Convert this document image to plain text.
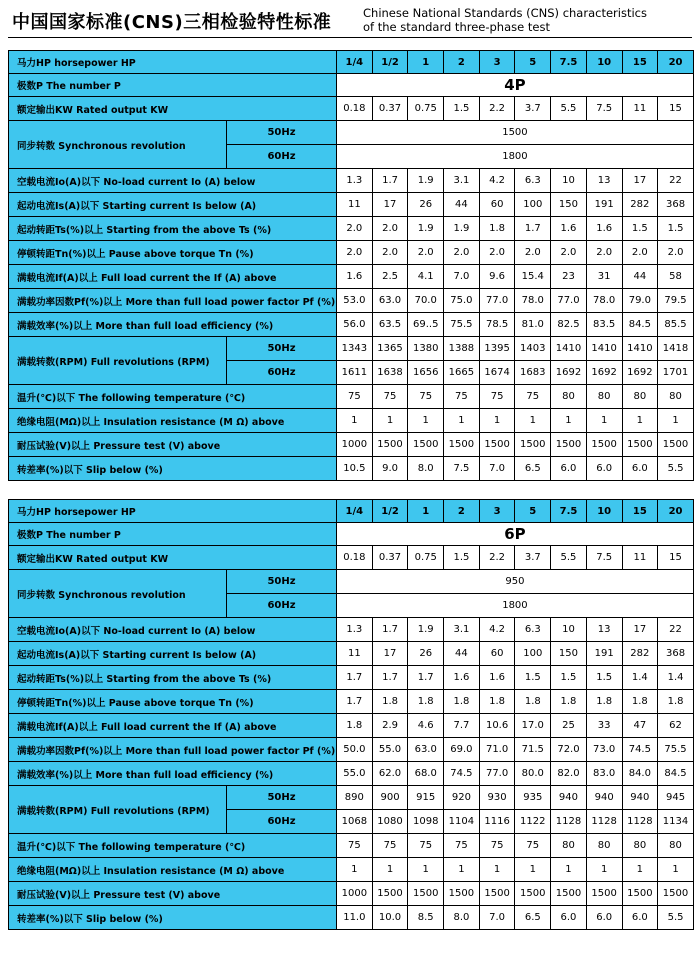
中国国家标准(CNS)三相检验特性标准	Chinese National Standards (CNS) characteristics
of the standard three-phase test
马力HP horsepower HP		1/4	1/2	1	2	3	5	7.5	10	15	20
极数P The number P		4P									
额定输出KW Rated output KW		0.18	0.37	0.75	1.5	2.2	3.7	5.5	7.5	11	15
同步转数 Synchronous revolution	50Hz	1500									
	60Hz	1800									
空载电流Io(A)以下 No-load current Io (A) below		1.3	1.7	1.9	3.1	4.2	6.3	10	13	17	22
起动电流Is(A)以下 Starting current Is below (A)		11	17	26	44	60	100	150	191	282	368
起动转距Ts(%)以上 Starting from the above Ts (%)		2.0	2.0	1.9	1.9	1.8	1.7	1.6	1.6	1.5	1.5
停顿转距Tn(%)以上 Pause above torque Tn (%)		2.0	2.0	2.0	2.0	2.0	2.0	2.0	2.0	2.0	2.0
满载电流If(A)以上 Full load current the If (A) above		1.6	2.5	4.1	7.0	9.6	15.4	23	31	44	58
满载功率因数Pf(%)以上 More than full load power factor Pf (%)		53.0	63.0	70.0	75.0	77.0	78.0	77.0	78.0	79.0	79.5
满载效率(%)以上 More than full load efficiency (%)		56.0	63.5	69..5	75.5	78.5	81.0	82.5	83.5	84.5	85.5
满载转数(RPM) Full revolutions (RPM)	50Hz	1343	1365	1380	1388	1395	1403	1410	1410	1410	1418
	60Hz	1611	1638	1656	1665	1674	1683	1692	1692	1692	1701
温升(℃)以下 The following temperature (℃)		75	75	75	75	75	75	80	80	80	80
绝缘电阻(MΩ)以上 Insulation resistance (M Ω) above		1	1	1	1	1	1	1	1	1	1
耐压试验(V)以上 Pressure test (V) above		1000	1500	1500	1500	1500	1500	1500	1500	1500	1500
转差率(%)以下 Slip below (%)		10.5	9.0	8.0	7.5	7.0	6.5	6.0	6.0	6.0	5.5
马力HP horsepower HP		1/4	1/2	1	2	3	5	7.5	10	15	20
极数P The number P		6P									
额定输出KW Rated output KW		0.18	0.37	0.75	1.5	2.2	3.7	5.5	7.5	11	15
同步转数 Synchronous revolution	50Hz	950									
	60Hz	1800									
空载电流Io(A)以下 No-load current Io (A) below		1.3	1.7	1.9	3.1	4.2	6.3	10	13	17	22
起动电流Is(A)以下 Starting current Is below (A)		11	17	26	44	60	100	150	191	282	368
起动转距Ts(%)以上 Starting from the above Ts (%)		1.7	1.7	1.7	1.6	1.6	1.5	1.5	1.5	1.4	1.4
停顿转距Tn(%)以上 Pause above torque Tn (%)		1.7	1.8	1.8	1.8	1.8	1.8	1.8	1.8	1.8	1.8
满载电流If(A)以上 Full load current the If (A) above		1.8	2.9	4.6	7.7	10.6	17.0	25	33	47	62
满载功率因数Pf(%)以上 More than full load power factor Pf (%)		50.0	55.0	63.0	69.0	71.0	71.5	72.0	73.0	74.5	75.5
满载效率(%)以上 More than full load efficiency (%)		55.0	62.0	68.0	74.5	77.0	80.0	82.0	83.0	84.0	84.5
满载转数(RPM) Full revolutions (RPM)	50Hz	890	900	915	920	930	935	940	940	940	945
	60Hz	1068	1080	1098	1104	1116	1122	1128	1128	1128	1134
温升(℃)以下 The following temperature (℃)		75	75	75	75	75	75	80	80	80	80
绝缘电阻(MΩ)以上 Insulation resistance (M Ω) above		1	1	1	1	1	1	1	1	1	1
耐压试验(V)以上 Pressure test (V) above		1000	1500	1500	1500	1500	1500	1500	1500	1500	1500
转差率(%)以下 Slip below (%)		11.0	10.0	8.5	8.0	7.0	6.5	6.0	6.0	6.0	5.5
